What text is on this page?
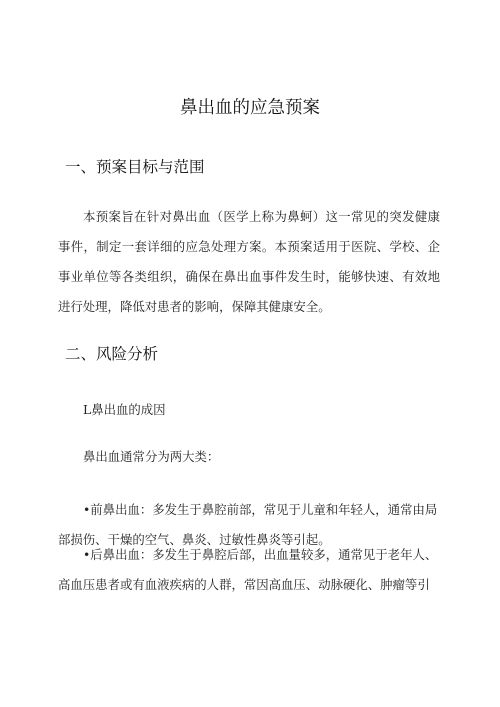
鼻出血的应急预案
一、预案目标与范围

本预案旨在针对鼻出血（医学上称为鼻蚵）这一常见的突发健康事件，制定一套详细的应急处理方案。本预案适用于医院、学校、企事业单位等各类组织，确保在鼻出血事件发生时，能够快速、有效地进行处理，降低对患者的影响，保障其健康安全。

二、风险分析
L鼻出血的成因
鼻出血通常分为两大类：

•前鼻出血：多发生于鼻腔前部，常见于儿童和年轻人，通常由局部损伤、干燥的空气、鼻炎、过敏性鼻炎等引起。

•后鼻出血：多发生于鼻腔后部，出血量较多，通常见于老年人、高血压患者或有血液疾病的人群，常因高血压、动脉硬化、肿瘤等引
